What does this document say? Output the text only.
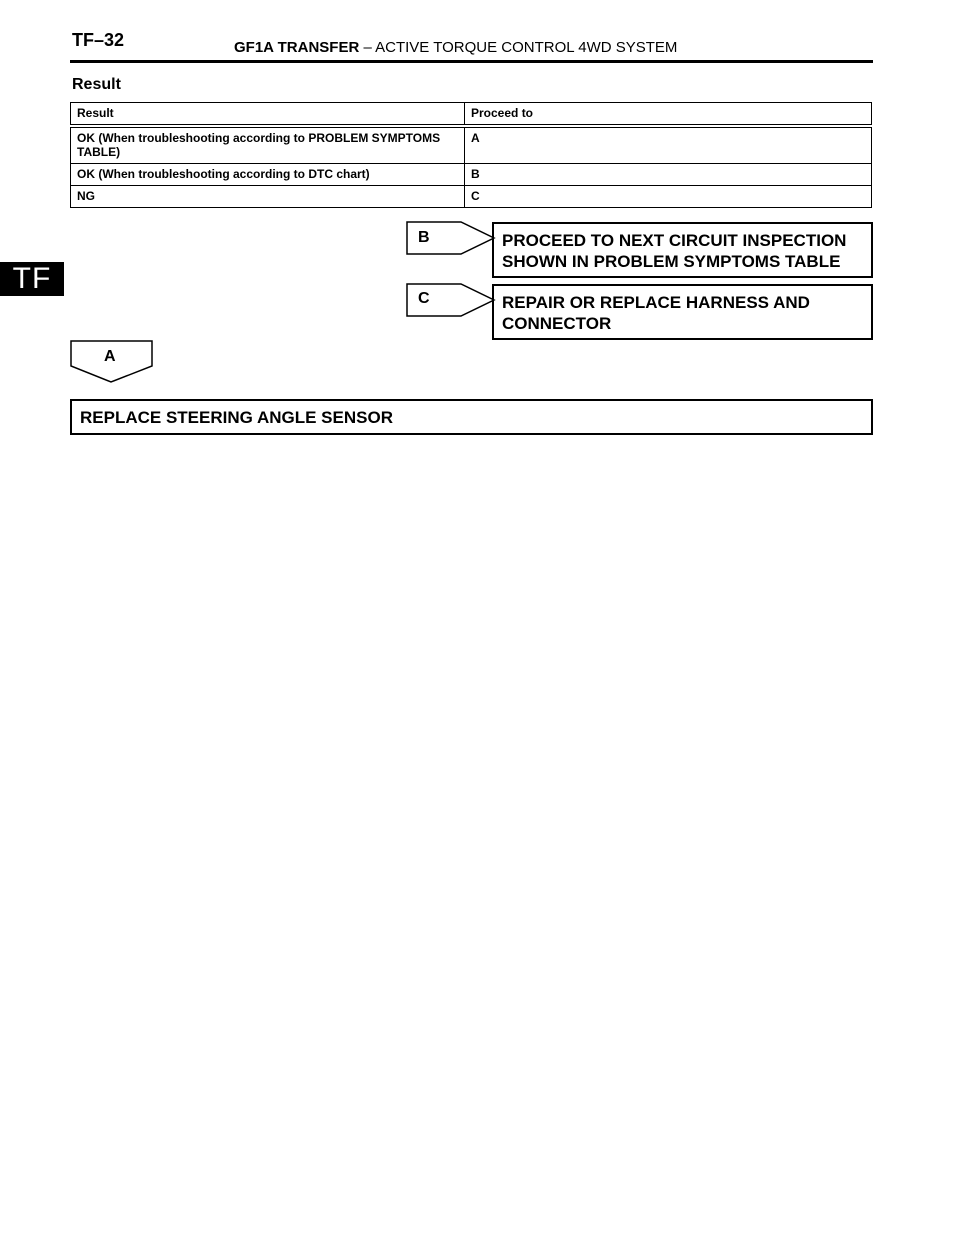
TF–32	GF1A TRANSFER – ACTIVE TORQUE CONTROL 4WD SYSTEM
TF
Result
Result	Proceed to
OK (When troubleshooting according to PROBLEM SYMPTOMS TABLE)	A
OK (When troubleshooting according to DTC chart)	B
NG	C
B	PROCEED TO NEXT CIRCUIT INSPECTION SHOWN IN PROBLEM SYMPTOMS TABLE
C	REPAIR OR REPLACE HARNESS AND CONNECTOR
A
REPLACE STEERING ANGLE SENSOR
